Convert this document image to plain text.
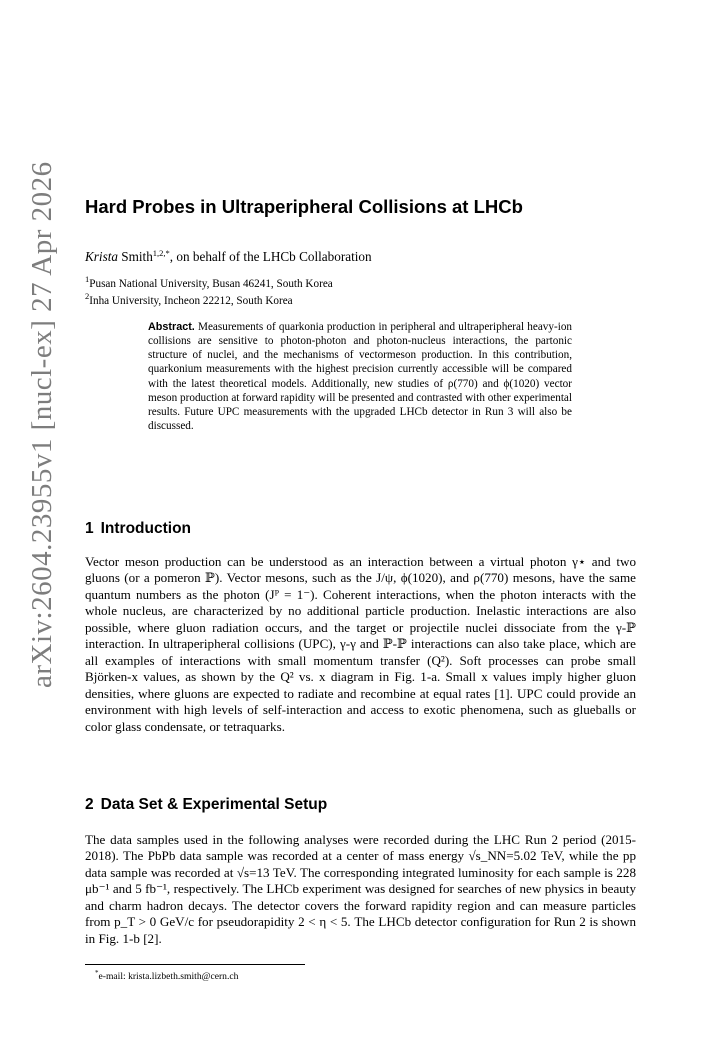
arXiv:2604.23955v1 [nucl-ex] 27 Apr 2026	Hard Probes in Ultraperipheral Collisions at LHCb
Krista Smith$^{1,2,*}$, on behalf of the LHCb Collaboration
$^1$Pusan National University, Busan 46241, South Korea
$^2$Inha University, Incheon 22212, South Korea
Abstract. Measurements of quarkonia production in peripheral and ultraperipheral heavy-ion collisions are sensitive to photon-photon and photon-nucleus interactions, the partonic structure of nuclei, and the mechanisms of vectormeson production. In this contribution, quarkonium measurements with the highest precision currently accessible will be compared with the latest theoretical models. Additionally, new studies of ρ(770) and ϕ(1020) vector meson production at forward rapidity will be presented and contrasted with other experimental results. Future UPC measurements with the upgraded LHCb detector in Run 3 will also be discussed.
1 Introduction
Vector meson production can be understood as an interaction between a virtual photon γ⋆ and two gluons (or a pomeron ℙ). Vector mesons, such as the J/ψ, ϕ(1020), and ρ(770) mesons, have the same quantum numbers as the photon (Jᴾ = 1⁻). Coherent interactions, when the photon interacts with the whole nucleus, are characterized by no additional particle production. Inelastic interactions are also possible, where gluon radiation occurs, and the target or projectile nuclei dissociate from the γ-ℙ interaction. In ultraperipheral collisions (UPC), γ-γ and ℙ-ℙ interactions can also take place, which are all examples of interactions with small momentum transfer (Q²). Soft processes can probe small Björken-x values, as shown by the Q² vs. x diagram in Fig. 1-a. Small x values imply higher gluon densities, where gluons are expected to radiate and recombine at equal rates [1]. UPC could provide an environment with high levels of self-interaction and access to exotic phenomena, such as glueballs or color glass condensate, or tetraquarks.
2 Data Set & Experimental Setup
The data samples used in the following analyses were recorded during the LHC Run 2 period (2015-2018). The PbPb data sample was recorded at a center of mass energy √s_NN=5.02 TeV, while the pp data sample was recorded at √s=13 TeV. The corresponding integrated luminosity for each sample is 228 μb⁻¹ and 5 fb⁻¹, respectively. The LHCb experiment was designed for searches of new physics in beauty and charm hadron decays. The detector covers the forward rapidity region and can measure particles from p_T > 0 GeV/c for pseudorapidity 2 < η < 5. The LHCb detector configuration for Run 2 is shown in Fig. 1-b [2].
*e-mail: krista.lizbeth.smith@cern.ch
